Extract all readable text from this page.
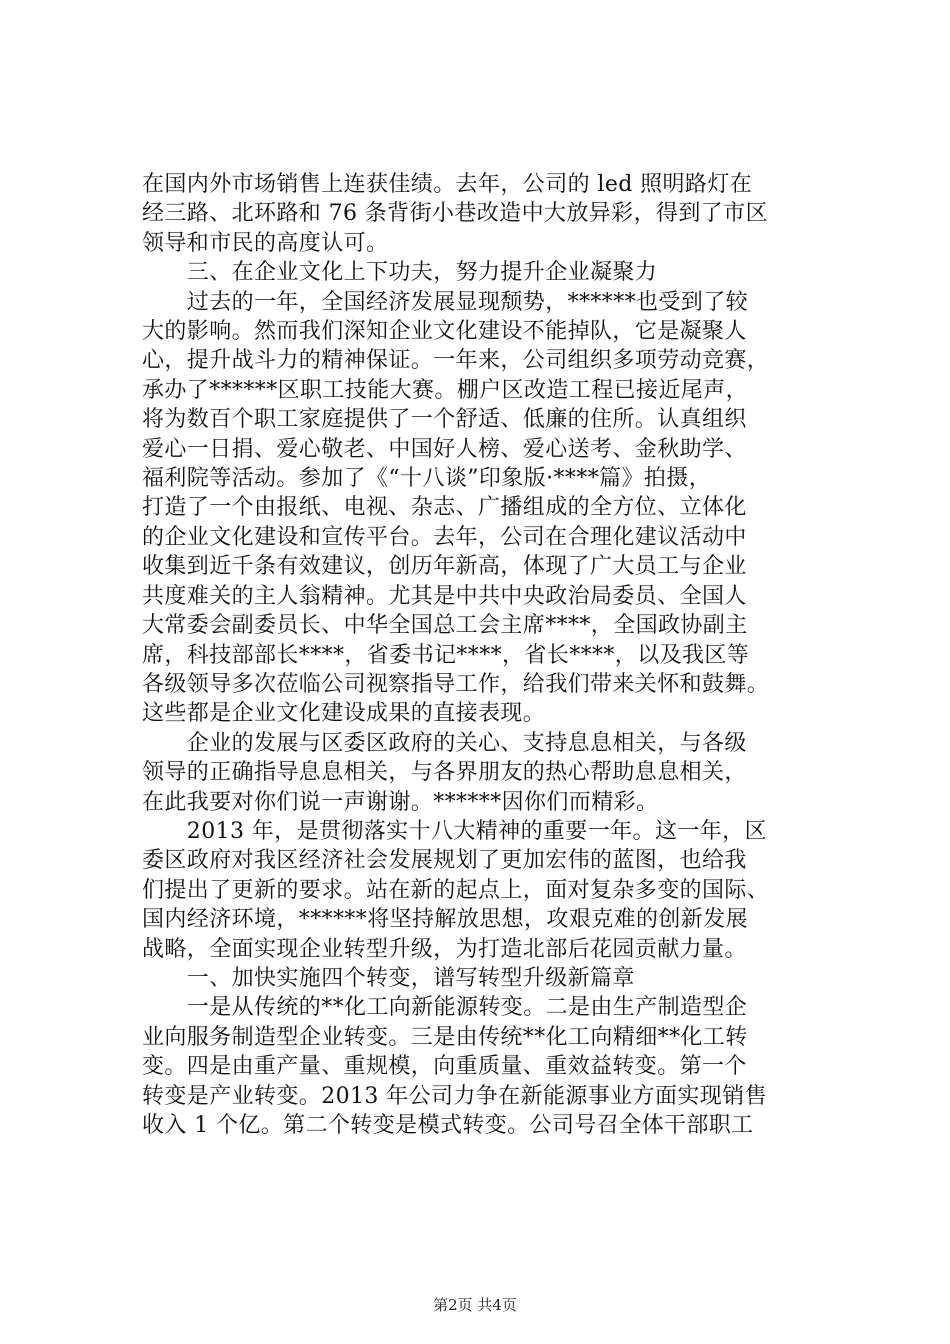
在国内外市场销售上连获佳绩。去年，公司的 led 照明路灯在
经三路、北环路和 76 条背街小巷改造中大放异彩，得到了市区
领导和市民的高度认可。
　　三、在企业文化上下功夫，努力提升企业凝聚力
　　过去的一年，全国经济发展显现颓势，******也受到了较
大的影响。然而我们深知企业文化建设不能掉队，它是凝聚人
心，提升战斗力的精神保证。一年来，公司组织多项劳动竞赛，
承办了******区职工技能大赛。棚户区改造工程已接近尾声，
将为数百个职工家庭提供了一个舒适、低廉的住所。认真组织
爱心一日捐、爱心敬老、中国好人榜、爱心送考、金秋助学、
福利院等活动。参加了《“十八谈”印象版·****篇》拍摄，
打造了一个由报纸、电视、杂志、广播组成的全方位、立体化
的企业文化建设和宣传平台。去年，公司在合理化建议活动中
收集到近千条有效建议，创历年新高，体现了广大员工与企业
共度难关的主人翁精神。尤其是中共中央政治局委员、全国人
大常委会副委员长、中华全国总工会主席****，全国政协副主
席，科技部部长****，省委书记****，省长****，以及我区等
各级领导多次莅临公司视察指导工作，给我们带来关怀和鼓舞。
这些都是企业文化建设成果的直接表现。
　　企业的发展与区委区政府的关心、支持息息相关，与各级
领导的正确指导息息相关，与各界朋友的热心帮助息息相关，
在此我要对你们说一声谢谢。******因你们而精彩。
　　2013 年，是贯彻落实十八大精神的重要一年。这一年，区
委区政府对我区经济社会发展规划了更加宏伟的蓝图，也给我
们提出了更新的要求。站在新的起点上，面对复杂多变的国际、
国内经济环境，******将坚持解放思想，攻艰克难的创新发展
战略，全面实现企业转型升级，为打造北部后花园贡献力量。
　　一、加快实施四个转变，谱写转型升级新篇章
　　一是从传统的**化工向新能源转变。二是由生产制造型企
业向服务制造型企业转变。三是由传统**化工向精细**化工转
变。四是由重产量、重规模，向重质量、重效益转变。第一个
转变是产业转变。2013 年公司力争在新能源事业方面实现销售
收入 1 个亿。第二个转变是模式转变。公司号召全体干部职工
第2页 共4页
